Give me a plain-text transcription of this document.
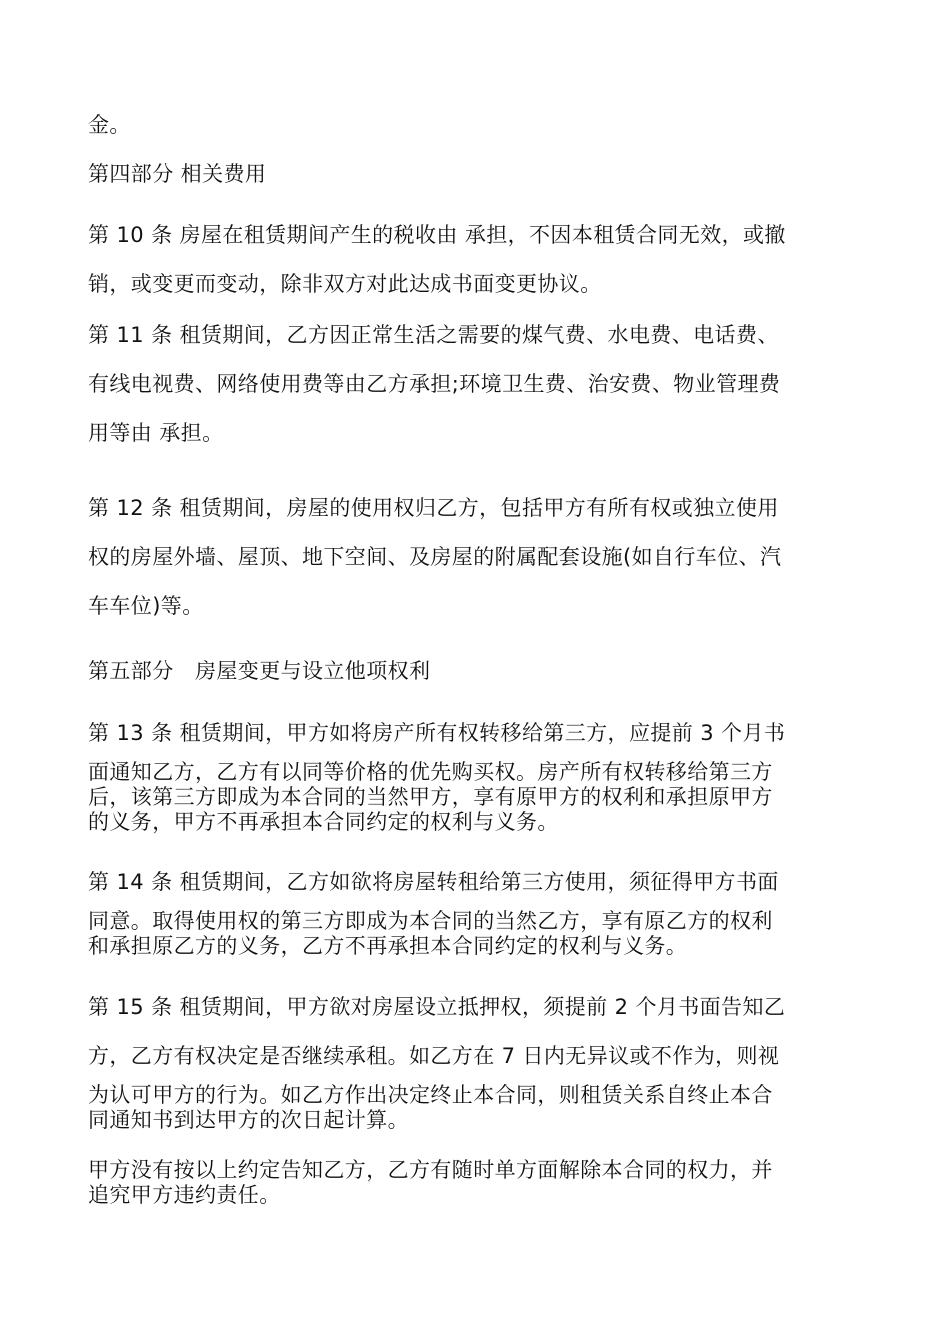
金。

第四部分 相关费用

第 10 条 房屋在租赁期间产生的税收由 承担，不因本租赁合同无效，或撤
销，或变更而变动，除非双方对此达成书面变更协议。

第 11 条 租赁期间，乙方因正常生活之需要的煤气费、水电费、电话费、
有线电视费、网络使用费等由乙方承担;环境卫生费、治安费、物业管理费
用等由 承担。

第 12 条 租赁期间，房屋的使用权归乙方，包括甲方有所有权或独立使用
权的房屋外墙、屋顶、地下空间、及房屋的附属配套设施(如自行车位、汽
车车位)等。

第五部分　房屋变更与设立他项权利

第 13 条 租赁期间，甲方如将房产所有权转移给第三方，应提前 3 个月书

面通知乙方，乙方有以同等价格的优先购买权。房产所有权转移给第三方
后，该第三方即成为本合同的当然甲方，享有原甲方的权利和承担原甲方
的义务，甲方不再承担本合同约定的权利与义务。

第 14 条 租赁期间，乙方如欲将房屋转租给第三方使用，须征得甲方书面

同意。取得使用权的第三方即成为本合同的当然乙方，享有原乙方的权利
和承担原乙方的义务，乙方不再承担本合同约定的权利与义务。

第 15 条 租赁期间，甲方欲对房屋设立抵押权，须提前 2 个月书面告知乙
方，乙方有权决定是否继续承租。如乙方在 7 日内无异议或不作为，则视

为认可甲方的行为。如乙方作出决定终止本合同，则租赁关系自终止本合
同通知书到达甲方的次日起计算。

甲方没有按以上约定告知乙方，乙方有随时单方面解除本合同的权力，并
追究甲方违约责任。
